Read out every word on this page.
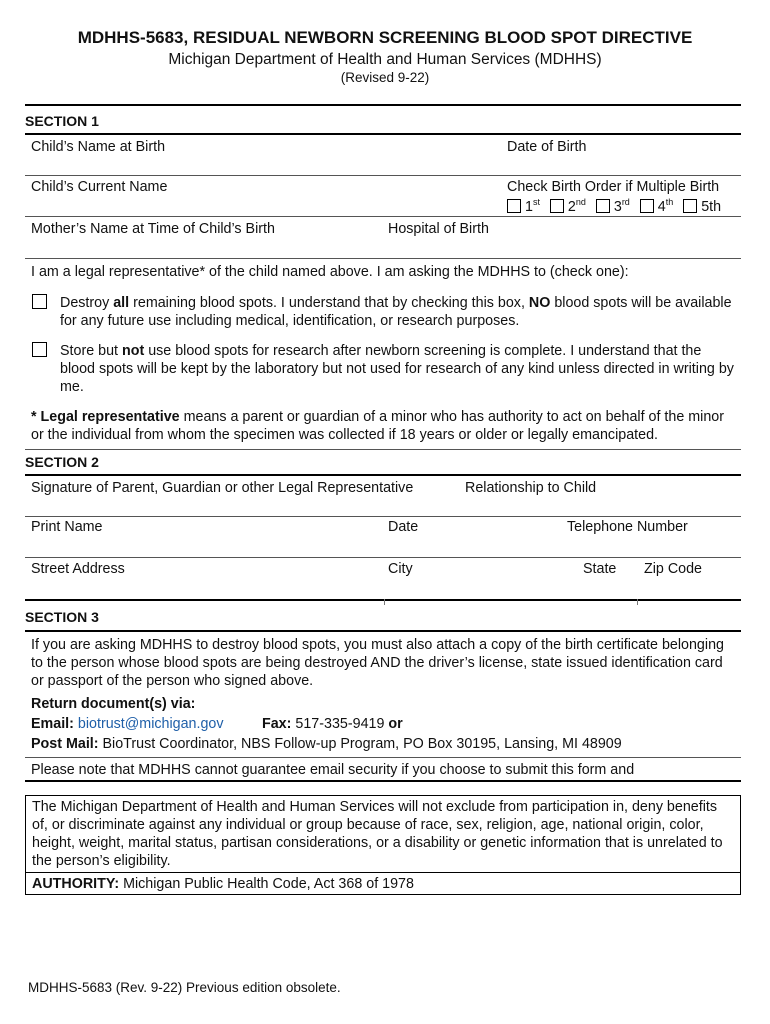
MDHHS-5683, RESIDUAL NEWBORN SCREENING BLOOD SPOT DIRECTIVE
Michigan Department of Health and Human Services (MDHHS)
(Revised 9-22)
SECTION 1
Child’s Name at Birth	Date of Birth
Child’s Current Name	Check Birth Order if Multiple Birth
1st 2nd 3rd 4th 5th
Mother’s Name at Time of Child’s Birth	Hospital of Birth
I am a legal representative* of the child named above. I am asking the MDHHS to (check one):
Destroy all remaining blood spots. I understand that by checking this box, NO blood spots will be available for any future use including medical, identification, or research purposes.
Store but not use blood spots for research after newborn screening is complete. I understand that the blood spots will be kept by the laboratory but not used for research of any kind unless directed in writing by me.
* Legal representative means a parent or guardian of a minor who has authority to act on behalf of the minor or the individual from whom the specimen was collected if 18 years or older or legally emancipated.
SECTION 2
Signature of Parent, Guardian or other Legal Representative	Relationship to Child
Print Name	Date	Telephone Number
Street Address	City	State Zip Code
SECTION 3
If you are asking MDHHS to destroy blood spots, you must also attach a copy of the birth certificate belonging to the person whose blood spots are being destroyed AND the driver’s license, state issued identification card or passport of the person who signed above.
Return document(s) via:
Email: biotrust@michigan.gov	Fax: 517-335-9419 or
Post Mail: BioTrust Coordinator, NBS Follow-up Program, PO Box 30195, Lansing, MI 48909
Please note that MDHHS cannot guarantee email security if you choose to submit this form and
The Michigan Department of Health and Human Services will not exclude from participation in, deny benefits of, or discriminate against any individual or group because of race, sex, religion, age, national origin, color, height, weight, marital status, partisan considerations, or a disability or genetic information that is unrelated to the person’s eligibility.
AUTHORITY: Michigan Public Health Code, Act 368 of 1978
MDHHS-5683 (Rev. 9-22) Previous edition obsolete.
